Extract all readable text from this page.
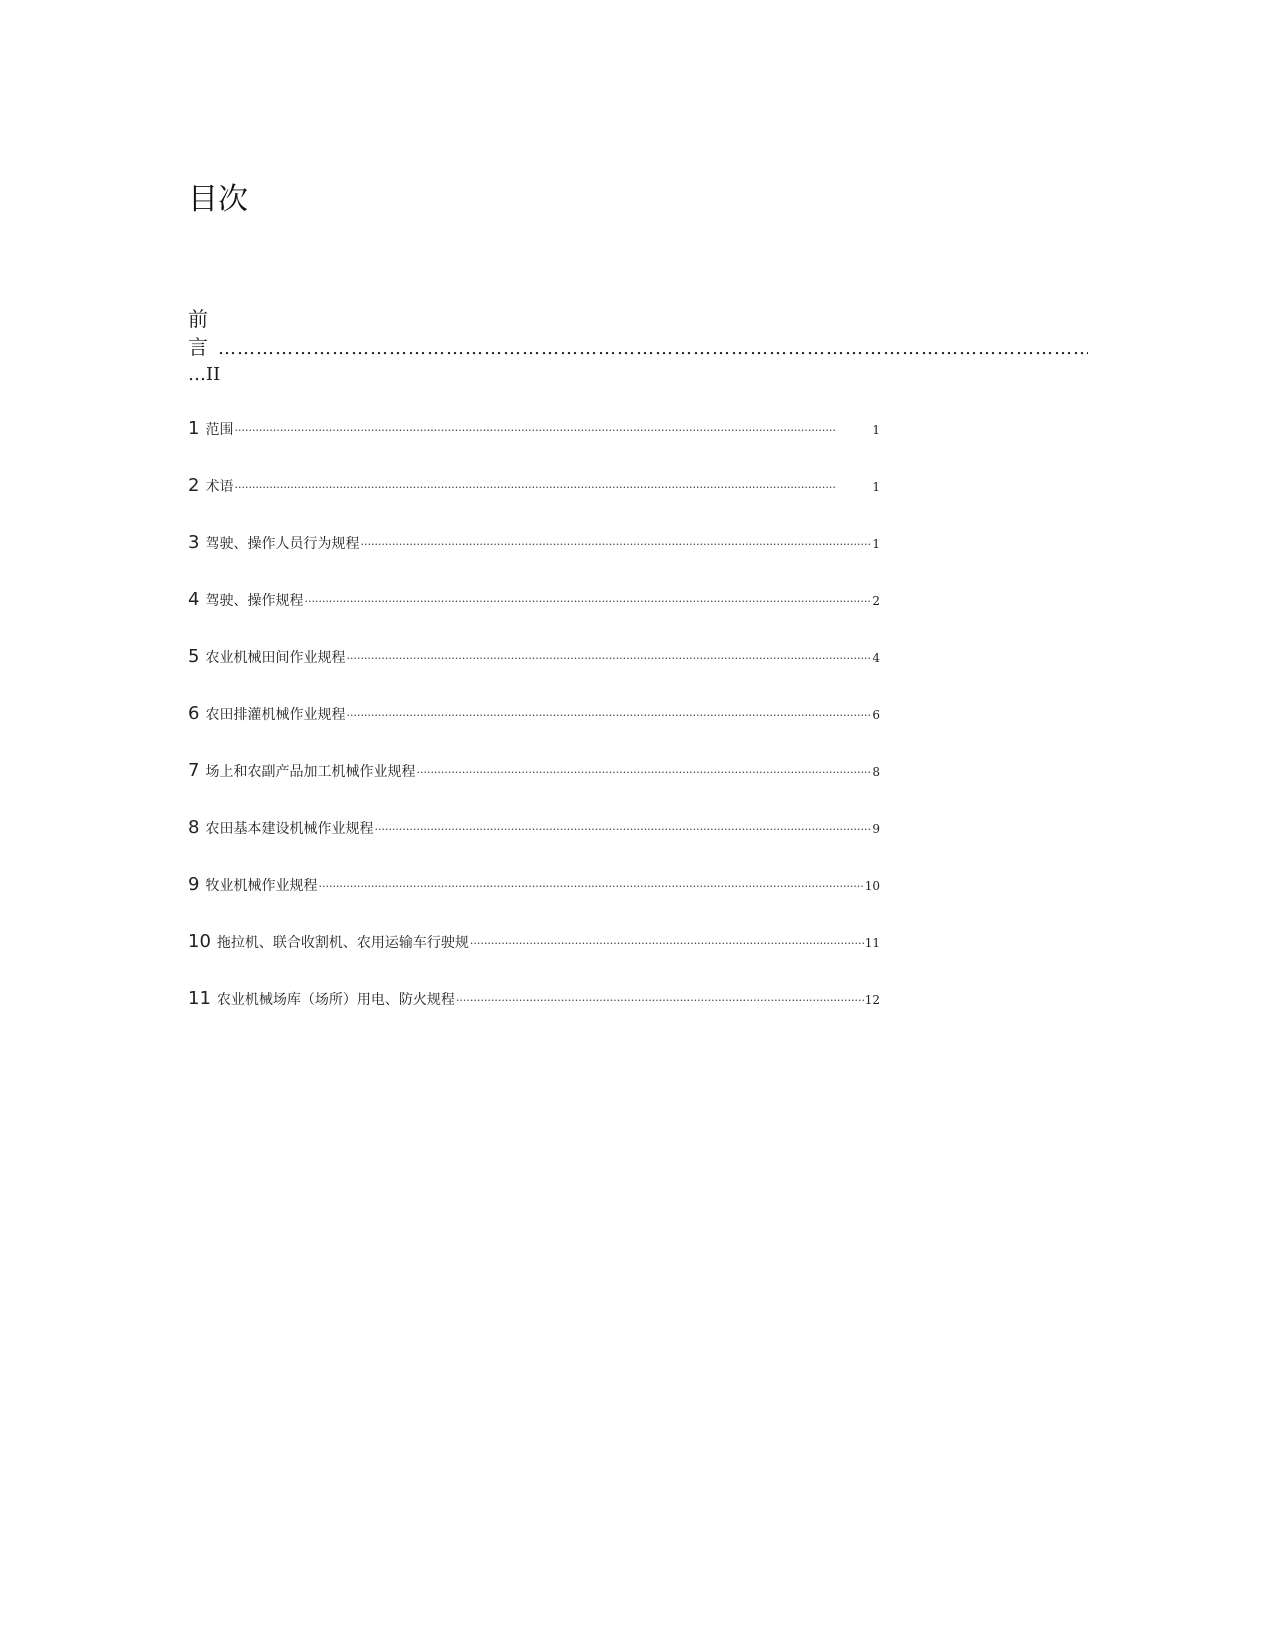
目次
前
言
…………………………………………………………………………………………………………………………………………………………
…II
1 范围 ·····	1
2 术语 ·····	1
3 驾驶、操作人员行为规程 ·····	1
4 驾驶、操作规程 ·····	2
5 农业机械田间作业规程 ·····	4
6 农田排灌机械作业规程 ·····	6
7 场上和农副产品加工机械作业规程 ·····	8
8 农田基本建设机械作业规程 ·····	9
9 牧业机械作业规程 ·····	10
10 拖拉机、联合收割机、农用运输车行驶规 ·····	11
11 农业机械场库（场所）用电、防火规程 ·····	12
